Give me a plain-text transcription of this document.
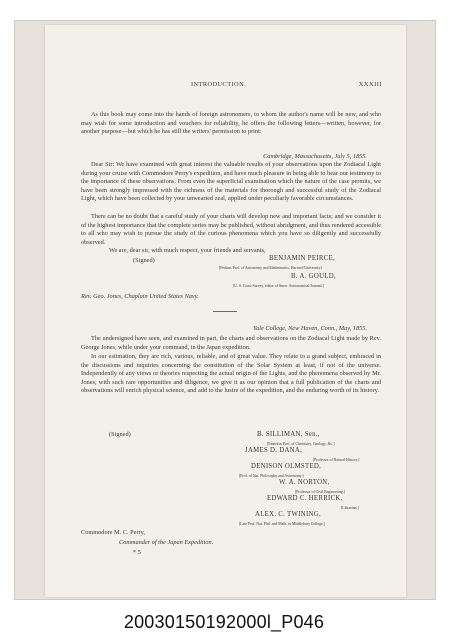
INTRODUCTION.	XXXIII
As this book may come into the hands of foreign astronomers, to whom the author's name will be new, and who may wish for some introduction and vouchers for reliability, he offers the following letters—written, however, for another purpose—but which he has still the writers' permission to print:
Cambridge, Massachusetts, July 5, 1855.
Dear Sir: We have examined with great interest the valuable results of your observations upon the Zodiacal Light during your cruise with Commodore Perry's expedition, and have much pleasure in being able to bear our testimony to the importance of these observations. From even the superficial examination which the nature of the case permits, we have been strongly impressed with the richness of the materials for thorough and successful study of the Zodiacal Light, which have been collected by your unwearied zeal, applied under peculiarly favorable circumstances.
There can be no doubt that a careful study of your charts will develop new and important facts; and we consider it of the highest importance that the complete series may be published, without abridgment, and thus rendered accessible to all who may wish to pursue the study of the curious phenomena which you have so diligently and successfully observed.
We are, dear sir, with much respect, your friends and servants,
(Signed)	BENJAMIN PEIRCE,
[Perkins Prof. of Astronomy and Mathematics, Harvard University.]
B. A. GOULD,
[U. S. Coast Survey, editor of Amer. Astronomical Journal.]
Rev. Geo. Jones, Chaplain United States Navy.
Yale College, New Haven, Conn., May, 1855.
The undersigned have seen, and examined in part, the charts and observations on the Zodiacal Light made by Rev. George Jones, while under your command, in the Japan expedition.
In our estimation, they are rich, various, reliable, and of great value. They relate to a grand subject, embraced in the discussions and inquiries concerning the constitution of the Solar System at least, if not of the universe. Independently of any views or theories respecting the actual origin of the Lights, and the phenomena observed by Mr. Jones, with such rare opportunities and diligence, we give it as our opinion that a full publication of the charts and observations will enrich physical science, and add to the lustre of the expedition, and the enduring worth of its history.
(Signed)	B. SILLIMAN, Sen.,
[Emeritus Prof. of Chemistry, Geology, &c.]
JAMES D. DANA,
[Professor of Natural History.]
DENISON OLMSTED,
[Prof. of Nat. Philosophy and Astronomy.]
W. A. NORTON,
[Professor of Civil Engineering.]
EDWARD C. HERRICK,
[Librarian.]
ALEX. C. TWINING,
[Late Prof. Nat. Phil. and Math. in Middlebury College.]
Commodore M. C. Perry,
Commander of the Japan Expedition.
* 5
20030150192000l_P046
